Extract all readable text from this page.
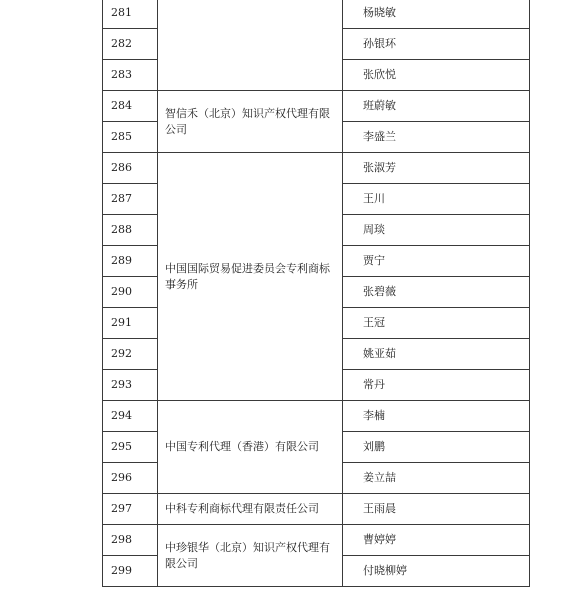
281		杨晓敏
282		孙银环
283		张欣悦
284	智信禾（北京）知识产权代理有限公司	班蔚敏
285		李盛兰
286	中国国际贸易促进委员会专利商标事务所	张淑芳
287		王川
288		周琰
289		贾宁
290		张碧薇
291		王冠
292		姚亚茹
293		常丹
294	中国专利代理（香港）有限公司	李楠
295		刘鹏
296		姜立喆
297	中科专利商标代理有限责任公司	王雨晨
298	中珍银华（北京）知识产权代理有限公司	曹婷婷
299		付晓柳婷
